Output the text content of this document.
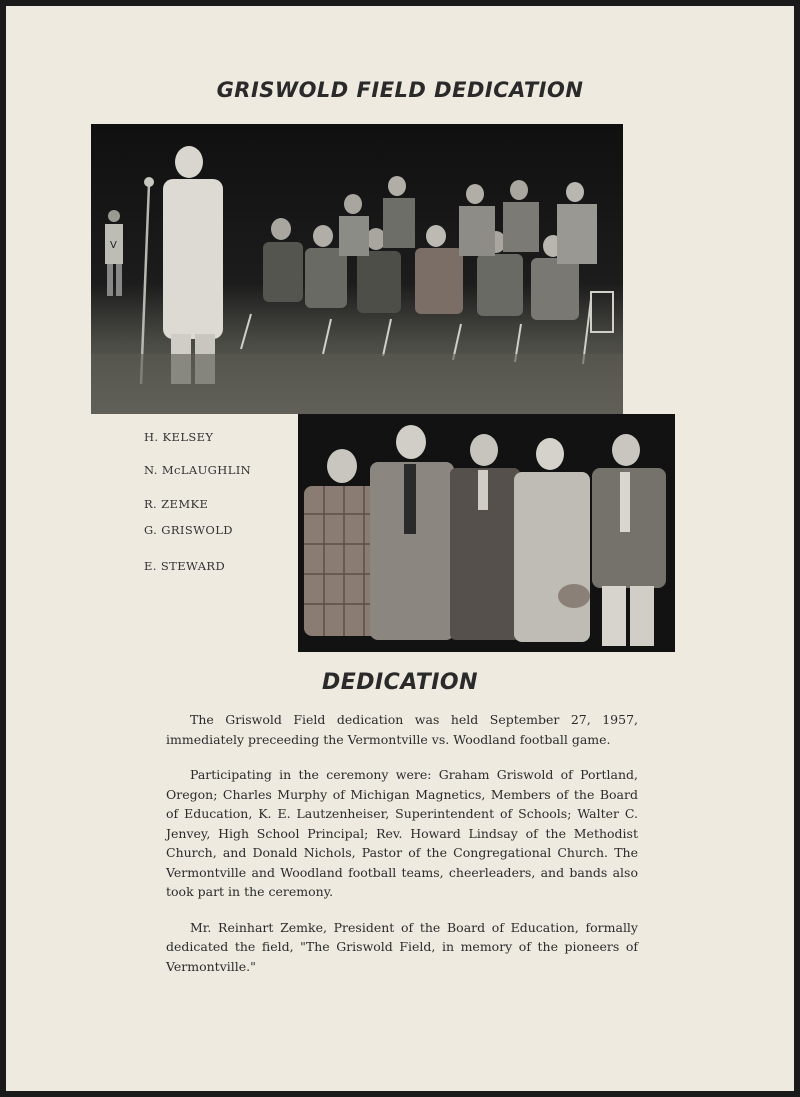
GRISWOLD FIELD DEDICATION
V
H. KELSEY
N. McLAUGHLIN
R. ZEMKE
G. GRISWOLD
E. STEWARD
DEDICATION

The Griswold Field dedication was held September 27, 1957, immediately preceeding the Vermontville vs. Woodland football game.

Participating in the ceremony were: Graham Griswold of Portland, Oregon; Charles Murphy of Michigan Magnetics, Members of the Board of Education, K. E. Lautzenheiser, Superintendent of Schools; Walter C. Jenvey, High School Principal; Rev. Howard Lindsay of the Methodist Church, and Donald Nichols, Pastor of the Congregational Church. The Vermontville and Woodland football teams, cheerleaders, and bands also took part in the ceremony.

Mr. Reinhart Zemke, President of the Board of Education, formally dedicated the field, "The Griswold Field, in memory of the pioneers of Vermontville."
